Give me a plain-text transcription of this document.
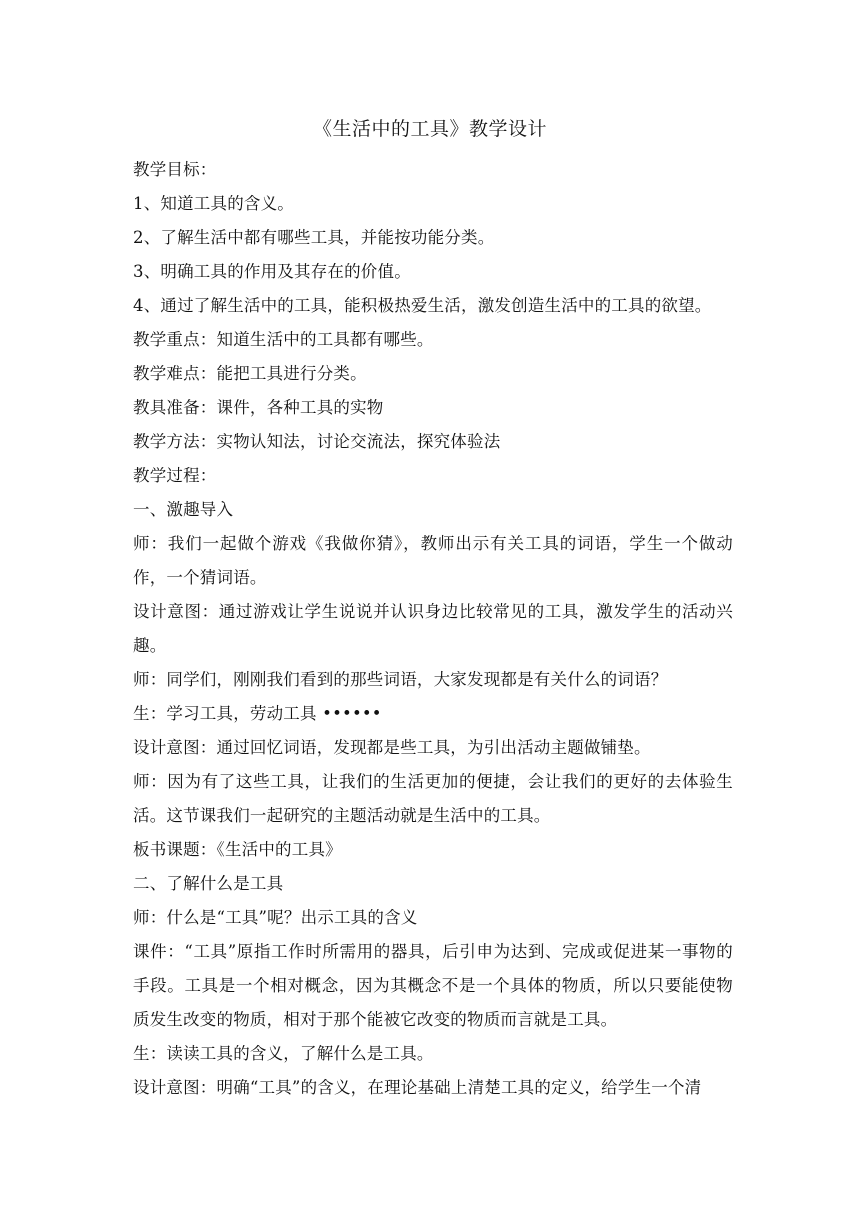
《生活中的工具》教学设计

教学目标：

1、知道工具的含义。

2、了解生活中都有哪些工具，并能按功能分类。

3、明确工具的作用及其存在的价值。

4、通过了解生活中的工具，能积极热爱生活，激发创造生活中的工具的欲望。

教学重点：知道生活中的工具都有哪些。

教学难点：能把工具进行分类。

教具准备：课件，各种工具的实物

教学方法：实物认知法，讨论交流法，探究体验法

教学过程：

一、激趣导入

师：我们一起做个游戏《我做你猜》，教师出示有关工具的词语，学生一个做动作，一个猜词语。

设计意图：通过游戏让学生说说并认识身边比较常见的工具，激发学生的活动兴趣。

师：同学们，刚刚我们看到的那些词语，大家发现都是有关什么的词语？

生：学习工具，劳动工具 ••••••

设计意图：通过回忆词语，发现都是些工具，为引出活动主题做铺垫。

师：因为有了这些工具，让我们的生活更加的便捷，会让我们的更好的去体验生活。这节课我们一起研究的主题活动就是生活中的工具。

板书课题：《生活中的工具》

二、了解什么是工具

师：什么是“工具”呢？出示工具的含义

课件：“工具”原指工作时所需用的器具，后引申为达到、完成或促进某一事物的手段。工具是一个相对概念，因为其概念不是一个具体的物质，所以只要能使物质发生改变的物质，相对于那个能被它改变的物质而言就是工具。

生：读读工具的含义，了解什么是工具。

设计意图：明确“工具”的含义，在理论基础上清楚工具的定义，给学生一个清
